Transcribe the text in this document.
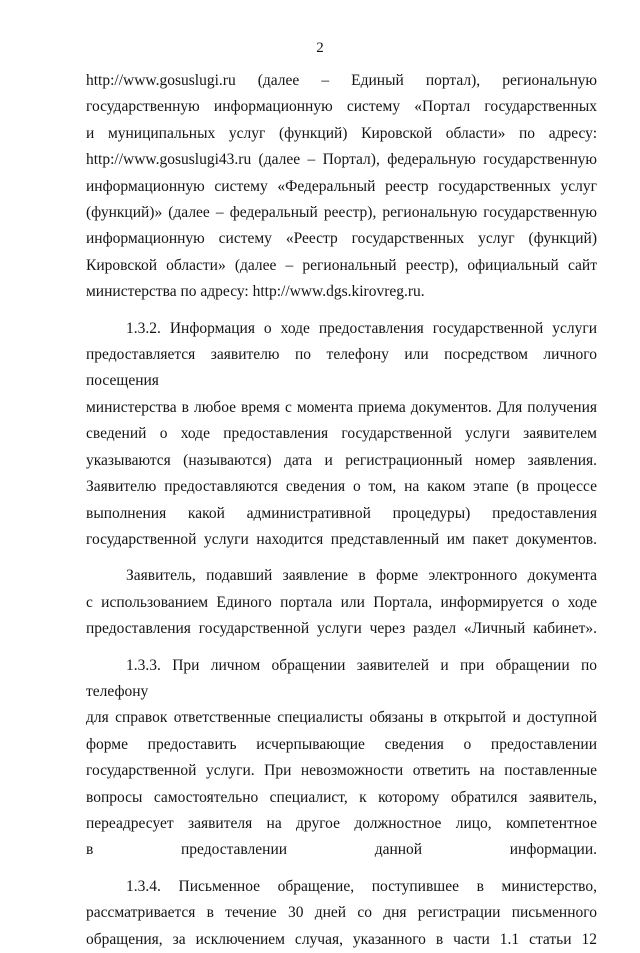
2

http://www.gosuslugi.ru (далее – Единый портал), региональную
государственную информационную систему «Портал государственных
и муниципальных услуг (функций) Кировской области» по адресу:
http://www.gosuslugi43.ru (далее – Портал), федеральную государственную
информационную систему «Федеральный реестр государственных услуг
(функций)» (далее – федеральный реестр), региональную государственную
информационную систему «Реестр государственных услуг (функций)
Кировской области» (далее – региональный реестр), официальный сайт
министерства по адресу: http://www.dgs.kirovreg.ru.

1.3.2. Информация о ходе предоставления государственной услуги
предоставляется заявителю по телефону или посредством личного посещения
министерства в любое время с момента приема документов. Для получения
сведений о ходе предоставления государственной услуги заявителем
указываются (называются) дата и регистрационный номер заявления.
Заявителю предоставляются сведения о том, на каком этапе (в процессе
выполнения какой административной процедуры) предоставления
государственной услуги находится представленный им пакет документов.

Заявитель, подавший заявление в форме электронного документа
с использованием Единого портала или Портала, информируется о ходе
предоставления государственной услуги через раздел «Личный кабинет».

1.3.3. При личном обращении заявителей и при обращении по телефону
для справок ответственные специалисты обязаны в открытой и доступной
форме предоставить исчерпывающие сведения о предоставлении
государственной услуги. При невозможности ответить на поставленные
вопросы самостоятельно специалист, к которому обратился заявитель,
переадресует заявителя на другое должностное лицо, компетентное
в предоставлении данной информации.

1.3.4. Письменное обращение, поступившее в министерство,
рассматривается в течение 30 дней со дня регистрации письменного
обращения, за исключением случая, указанного в части 1.1 статьи 12
